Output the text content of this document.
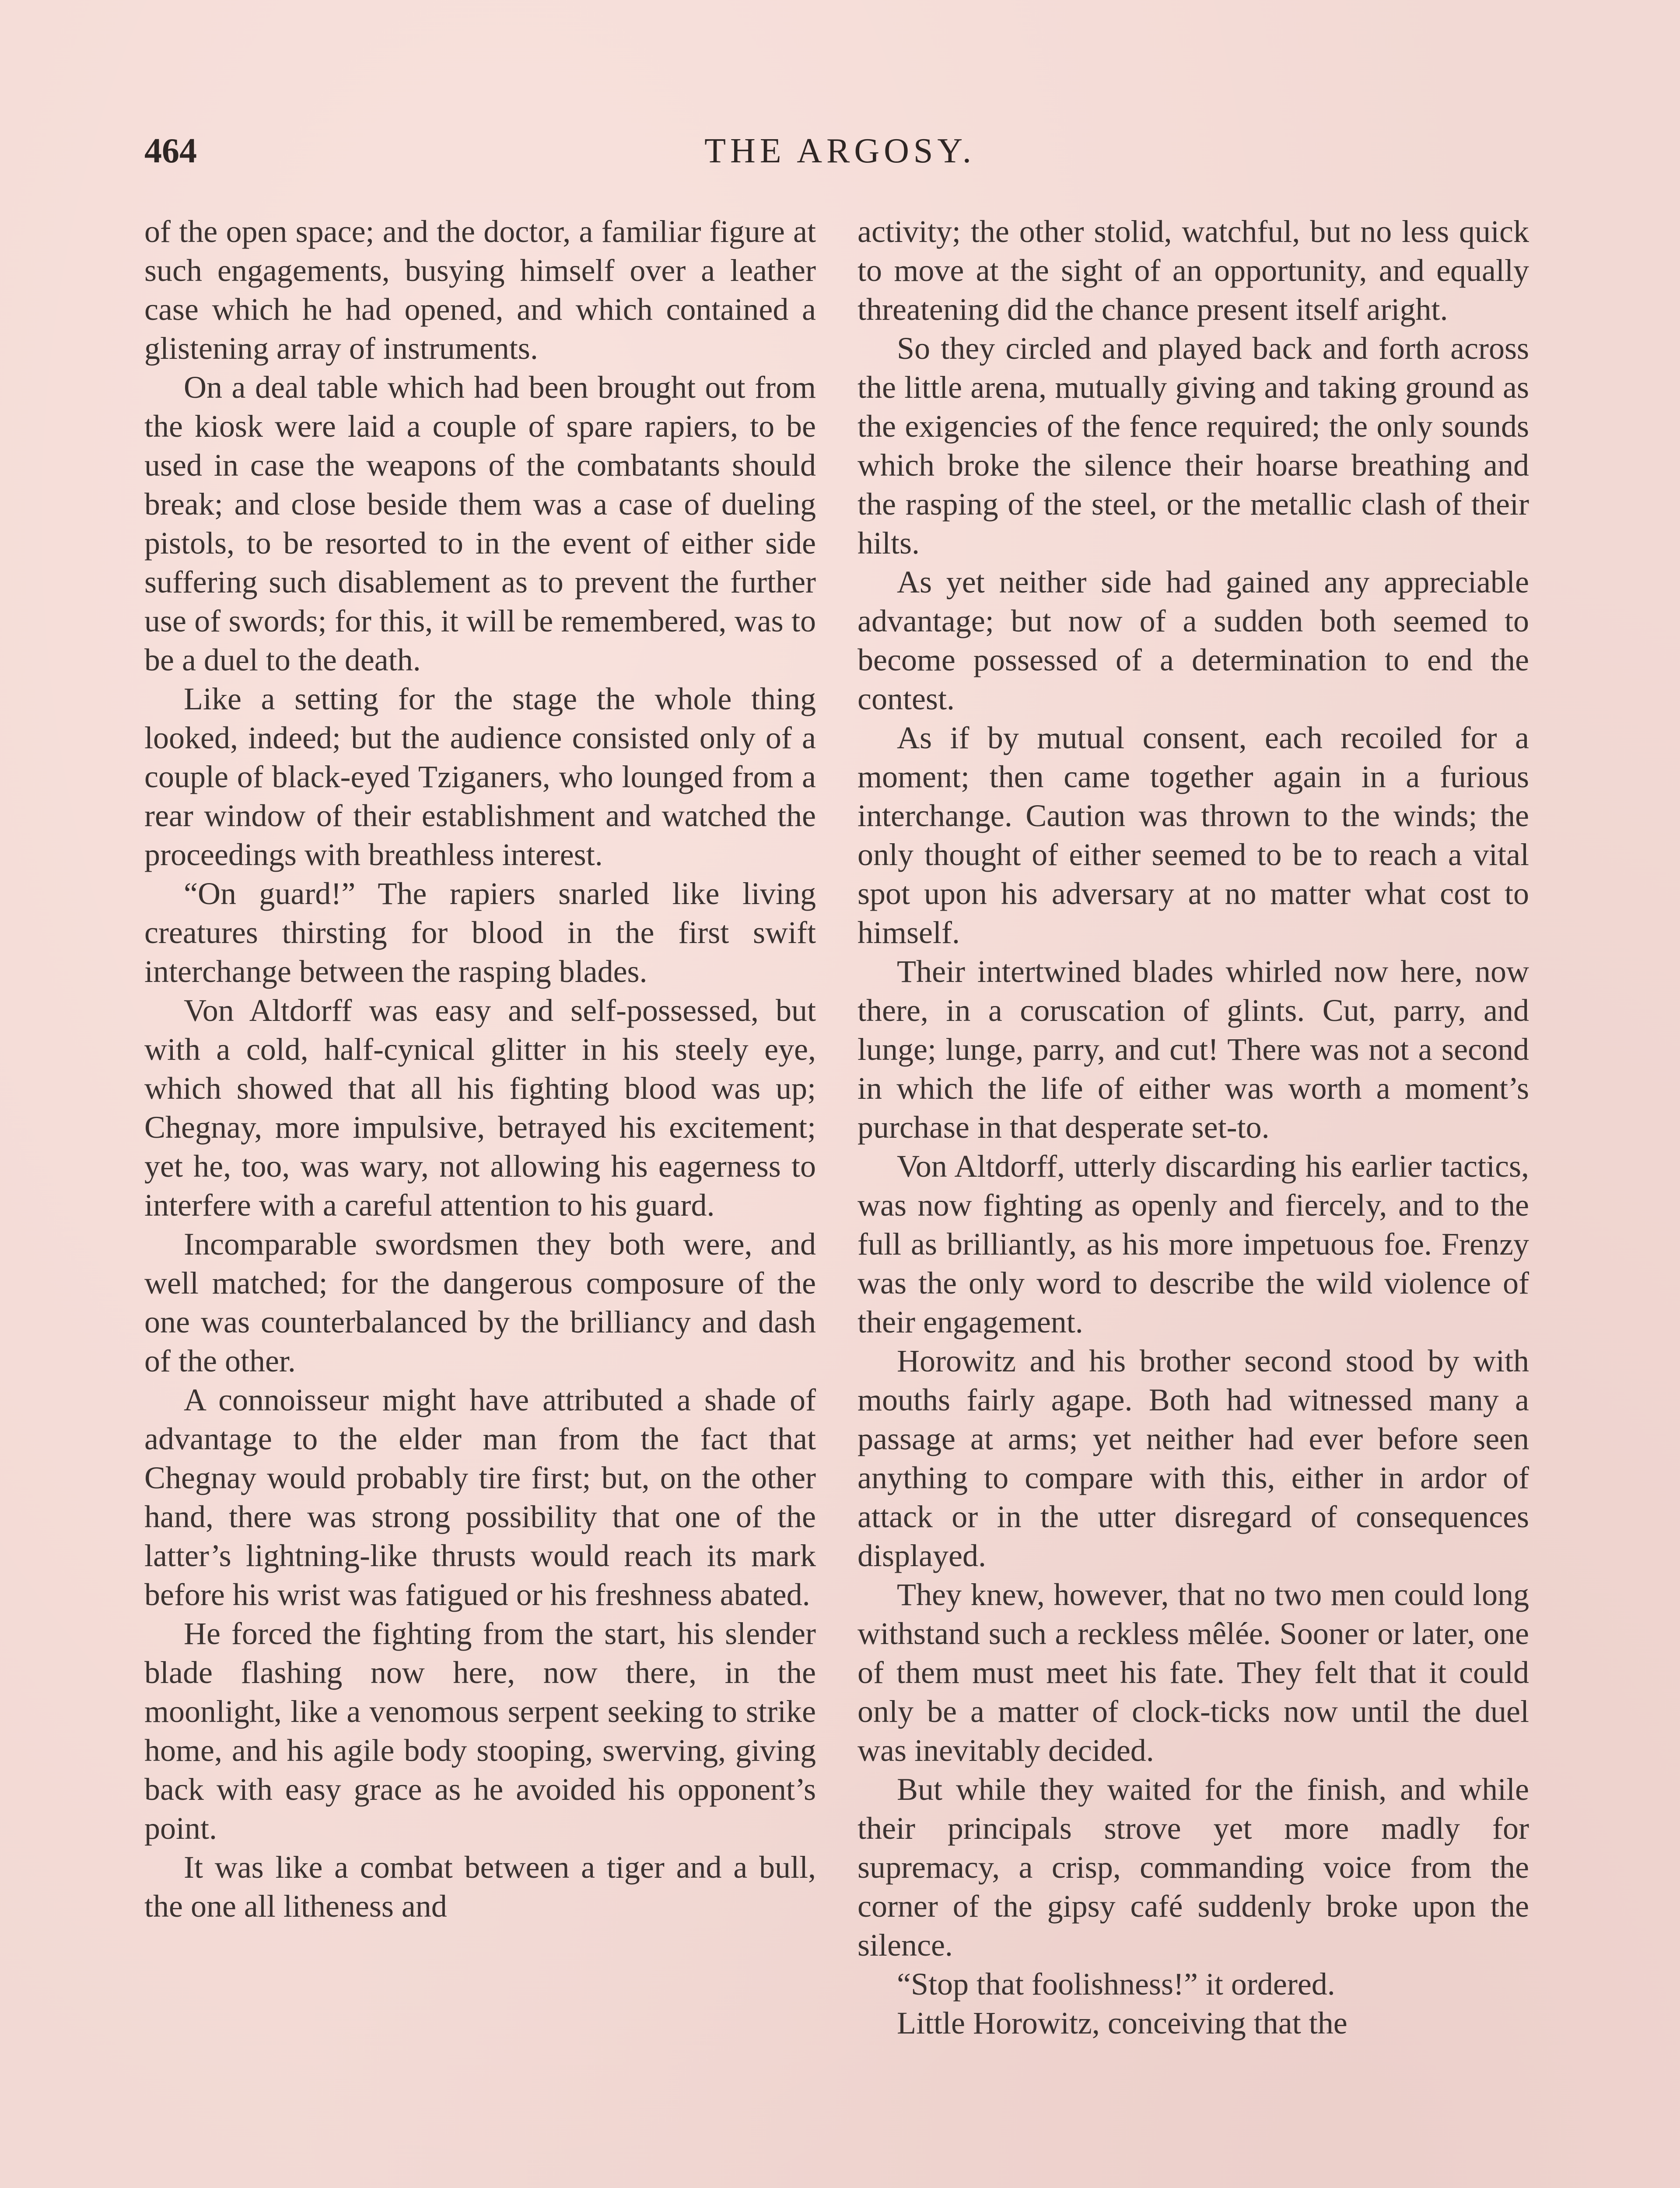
464	THE ARGOSY.

of the open space; and the doctor, a familiar figure at such engagements, busying himself over a leather case which he had opened, and which contained a glistening array of instruments.

On a deal table which had been brought out from the kiosk were laid a couple of spare rapiers, to be used in case the weapons of the combatants should break; and close beside them was a case of dueling pistols, to be resorted to in the event of either side suffering such disablement as to prevent the further use of swords; for this, it will be remembered, was to be a duel to the death.

Like a setting for the stage the whole thing looked, indeed; but the audience consisted only of a couple of black-eyed Tziganers, who lounged from a rear window of their establishment and watched the proceedings with breathless interest.

“On guard!” The rapiers snarled like living creatures thirsting for blood in the first swift interchange between the rasping blades.

Von Altdorff was easy and self-possessed, but with a cold, half-cynical glitter in his steely eye, which showed that all his fighting blood was up; Chegnay, more impulsive, betrayed his excitement; yet he, too, was wary, not allowing his eagerness to interfere with a careful attention to his guard.

Incomparable swordsmen they both were, and well matched; for the dangerous composure of the one was counterbalanced by the brilliancy and dash of the other.

A connoisseur might have attributed a shade of advantage to the elder man from the fact that Chegnay would probably tire first; but, on the other hand, there was strong possibility that one of the latter’s lightning-like thrusts would reach its mark before his wrist was fatigued or his freshness abated.

He forced the fighting from the start, his slender blade flashing now here, now there, in the moonlight, like a venomous serpent seeking to strike home, and his agile body stooping, swerving, giving back with easy grace as he avoided his opponent’s point.

It was like a combat between a tiger and a bull, the one all litheness and

activity; the other stolid, watchful, but no less quick to move at the sight of an opportunity, and equally threatening did the chance present itself aright.

So they circled and played back and forth across the little arena, mutually giving and taking ground as the exigencies of the fence required; the only sounds which broke the silence their hoarse breathing and the rasping of the steel, or the metallic clash of their hilts.

As yet neither side had gained any appreciable advantage; but now of a sudden both seemed to become possessed of a determination to end the contest.

As if by mutual consent, each recoiled for a moment; then came together again in a furious interchange. Caution was thrown to the winds; the only thought of either seemed to be to reach a vital spot upon his adversary at no matter what cost to himself.

Their intertwined blades whirled now here, now there, in a coruscation of glints. Cut, parry, and lunge; lunge, parry, and cut! There was not a second in which the life of either was worth a moment’s purchase in that desperate set-to.

Von Altdorff, utterly discarding his earlier tactics, was now fighting as openly and fiercely, and to the full as brilliantly, as his more impetuous foe. Frenzy was the only word to describe the wild violence of their engagement.

Horowitz and his brother second stood by with mouths fairly agape. Both had witnessed many a passage at arms; yet neither had ever before seen anything to compare with this, either in ardor of attack or in the utter disregard of consequences displayed.

They knew, however, that no two men could long withstand such a reckless mêlée. Sooner or later, one of them must meet his fate. They felt that it could only be a matter of clock-ticks now until the duel was inevitably decided.

But while they waited for the finish, and while their principals strove yet more madly for supremacy, a crisp, commanding voice from the corner of the gipsy café suddenly broke upon the silence.

“Stop that foolishness!” it ordered.

Little Horowitz, conceiving that the
